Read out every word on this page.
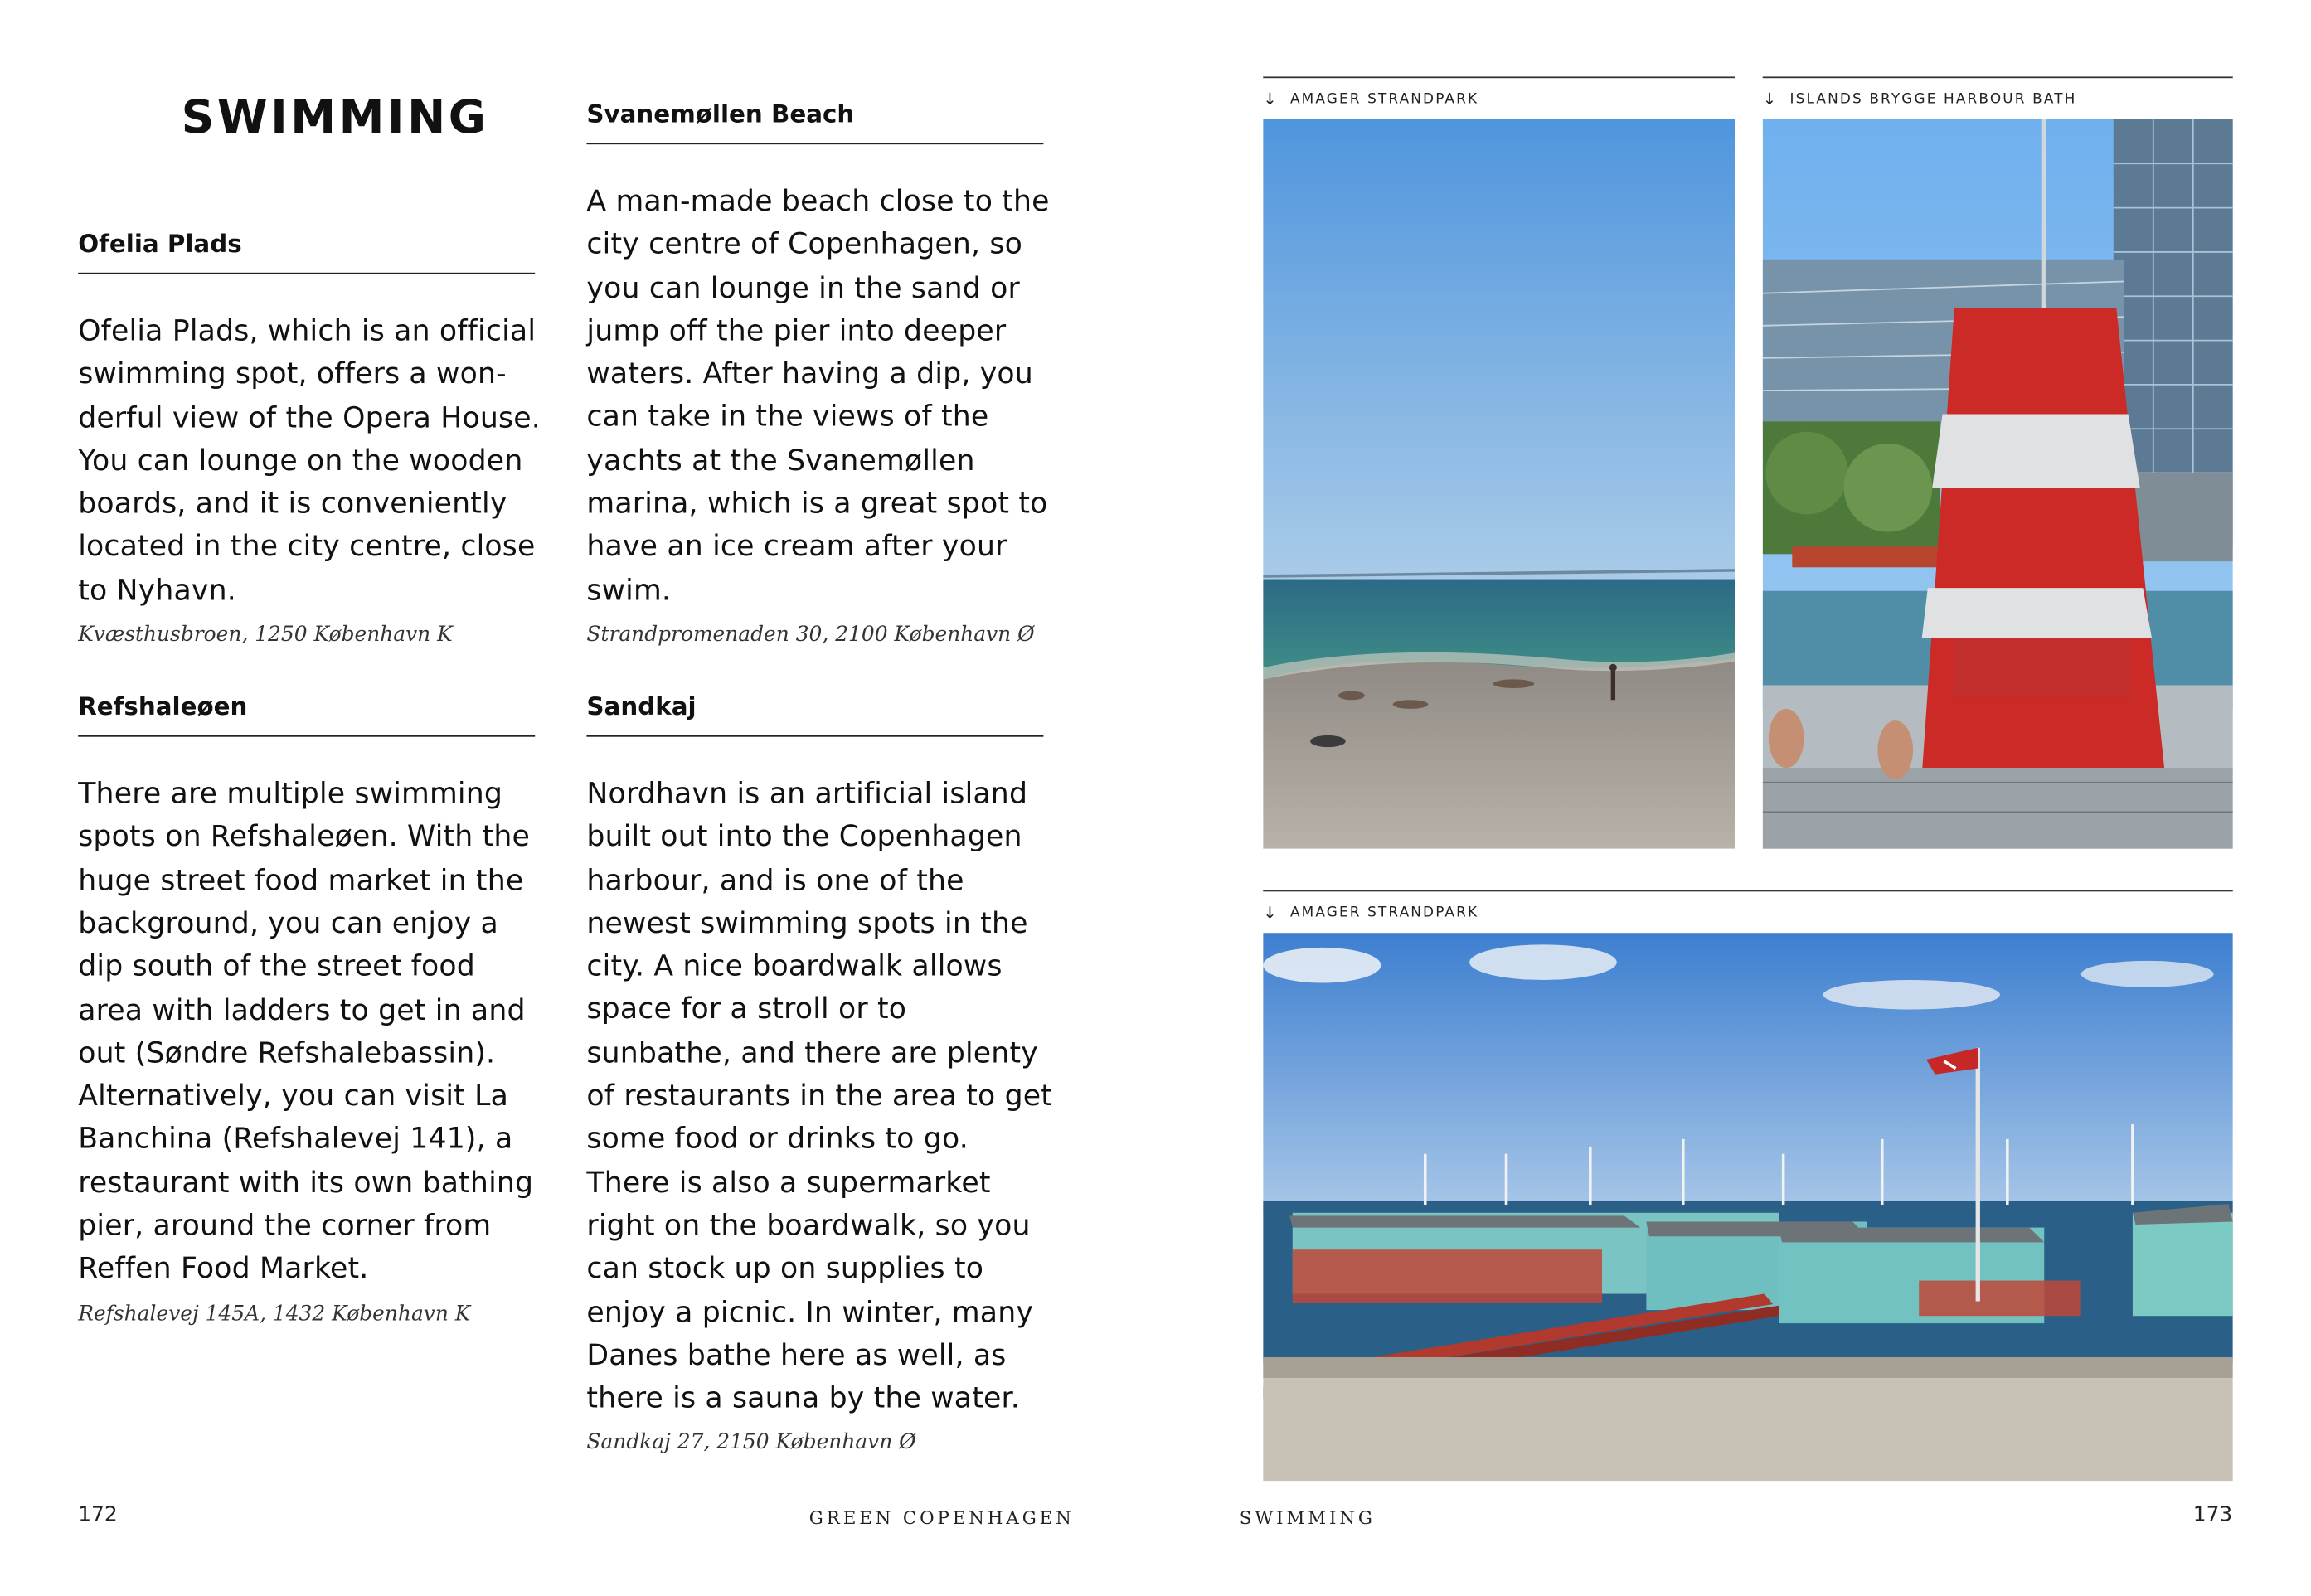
SWIMMING
Ofelia Plads

Ofelia Plads, which is an official swimming spot, offers a wonderful view of the Opera House. You can lounge on the wooden boards, and it is conveniently located in the city centre, close to Nyhavn.

Kvæsthusbroen, 1250 København K
Refshaleøen

There are multiple swimming spots on Refshaleøen. With the huge street food market in the background, you can enjoy a dip south of the street food area with ladders to get in and out (Søndre Refshalebassin). Alternatively, you can visit La Banchina (Refshalevej 141), a restaurant with its own bathing pier, around the corner from Reffen Food Market.

Refshalevej 145A, 1432 København K
Svanemøllen Beach

A man-made beach close to the city centre of Copenhagen, so you can lounge in the sand or jump off the pier into deeper waters. After having a dip, you can take in the views of the yachts at the Svanemøllen marina, which is a great spot to have an ice cream after your swim.

Strandpromenaden 30, 2100 København Ø
Sandkaj

Nordhavn is an artificial island built out into the Copenhagen harbour, and is one of the newest swimming spots in the city. A nice boardwalk allows space for a stroll or to sunbathe, and there are plenty of restaurants in the area to get some food or drinks to go. There is also a supermarket right on the boardwalk, so you can stock up on supplies to enjoy a picnic. In winter, many Danes bathe here as well, as there is a sauna by the water.

Sandkaj 27, 2150 København Ø
172	GREEN COPENHAGEN	SWIMMING	173
↓ AMAGER STRANDPARK	↓ ISLANDS BRYGGE HARBOUR BATH
↓ AMAGER STRANDPARK
